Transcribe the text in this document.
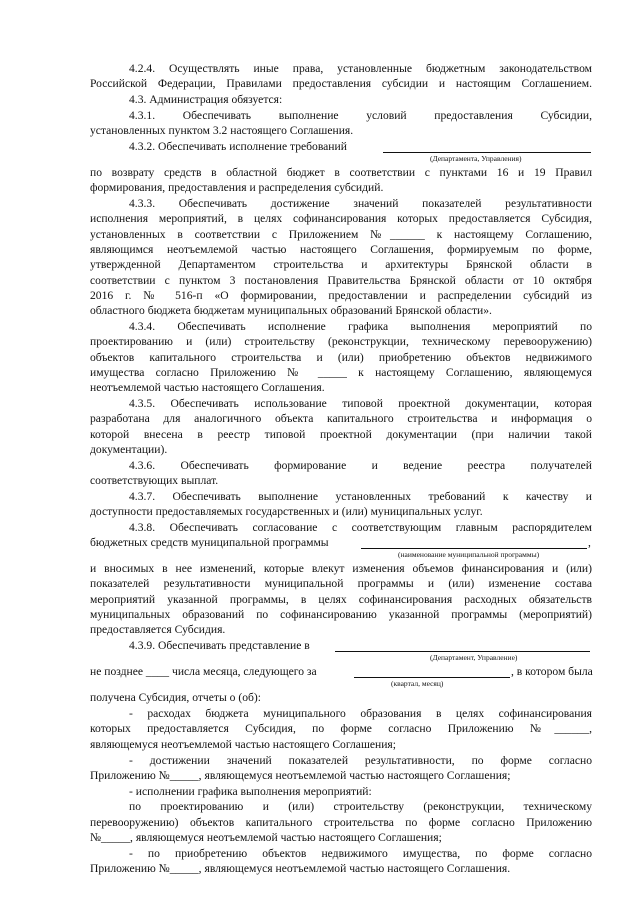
4.2.4. Осуществлять иные права, установленные бюджетным законодательством
Российской Федерации, Правилами предоставления субсидии и настоящим Соглашением.
4.3. Администрация обязуется:
4.3.1. Обеспечивать выполнение условий предоставления Субсидии,
установленных пунктом 3.2 настоящего Соглашения.
4.3.2. Обеспечивать исполнение требований
(Департамента, Управления)
по возврату средств в областной бюджет в соответствии с пунктами 16 и 19 Правил
формирования, предоставления и распределения субсидий.
4.3.3. Обеспечивать достижение значений показателей результативности
исполнения мероприятий, в целях софинансирования которых предоставляется Субсидия,
установленных в соответствии с Приложением №______ к настоящему Соглашению,
являющимся неотъемлемой частью настоящего Соглашения, формируемым по форме,
утвержденной Департаментом строительства и архитектуры Брянской области в
соответствии с пунктом 3 постановления Правительства Брянской области от 10 октября
2016 г. № 516-п «О формировании, предоставлении и распределении субсидий из
областного бюджета бюджетам муниципальных образований Брянской области».
4.3.4. Обеспечивать исполнение графика выполнения мероприятий по
проектированию и (или) строительству (реконструкции, техническому перевооружению)
объектов капитального строительства и (или) приобретению объектов недвижимого
имущества согласно Приложению № _____ к настоящему Соглашению, являющемуся
неотъемлемой частью настоящего Соглашения.
4.3.5. Обеспечивать использование типовой проектной документации, которая
разработана для аналогичного объекта капитального строительства и информация о
которой внесена в реестр типовой проектной документации (при наличии такой
документации).
4.3.6. Обеспечивать формирование и ведение реестра получателей
соответствующих выплат.
4.3.7. Обеспечивать выполнение установленных требований к качеству и
доступности предоставляемых государственных и (или) муниципальных услуг.
4.3.8. Обеспечивать согласование с соответствующим главным распорядителем
бюджетных средств муниципальной программы	,
(наименование муниципальной программы)
и вносимых в нее изменений, которые влекут изменения объемов финансирования и (или)
показателей результативности муниципальной программы и (или) изменение состава
мероприятий указанной программы, в целях софинансирования расходных обязательств
муниципальных образований по софинансированию указанной программы (мероприятий)
предоставляется Субсидия.
4.3.9. Обеспечивать представление в
(Департамент, Управление)
не позднее ____ числа месяца, следующего за	, в котором была
(квартал, месяц)
получена Субсидия, отчеты о (об):
- расходах бюджета муниципального образования в целях софинансирования
которых предоставляется Субсидия, по форме согласно Приложению №______,
являющемуся неотъемлемой частью настоящего Соглашения;
- достижении значений показателей результативности, по форме согласно
Приложению №_____, являющемуся неотъемлемой частью настоящего Соглашения;
- исполнении графика выполнения мероприятий:
по проектированию и (или) строительству (реконструкции, техническому
перевооружению) объектов капитального строительства по форме согласно Приложению
№_____, являющемуся неотъемлемой частью настоящего Соглашения;
- по приобретению объектов недвижимого имущества, по форме согласно
Приложению №_____, являющемуся неотъемлемой частью настоящего Соглашения.
